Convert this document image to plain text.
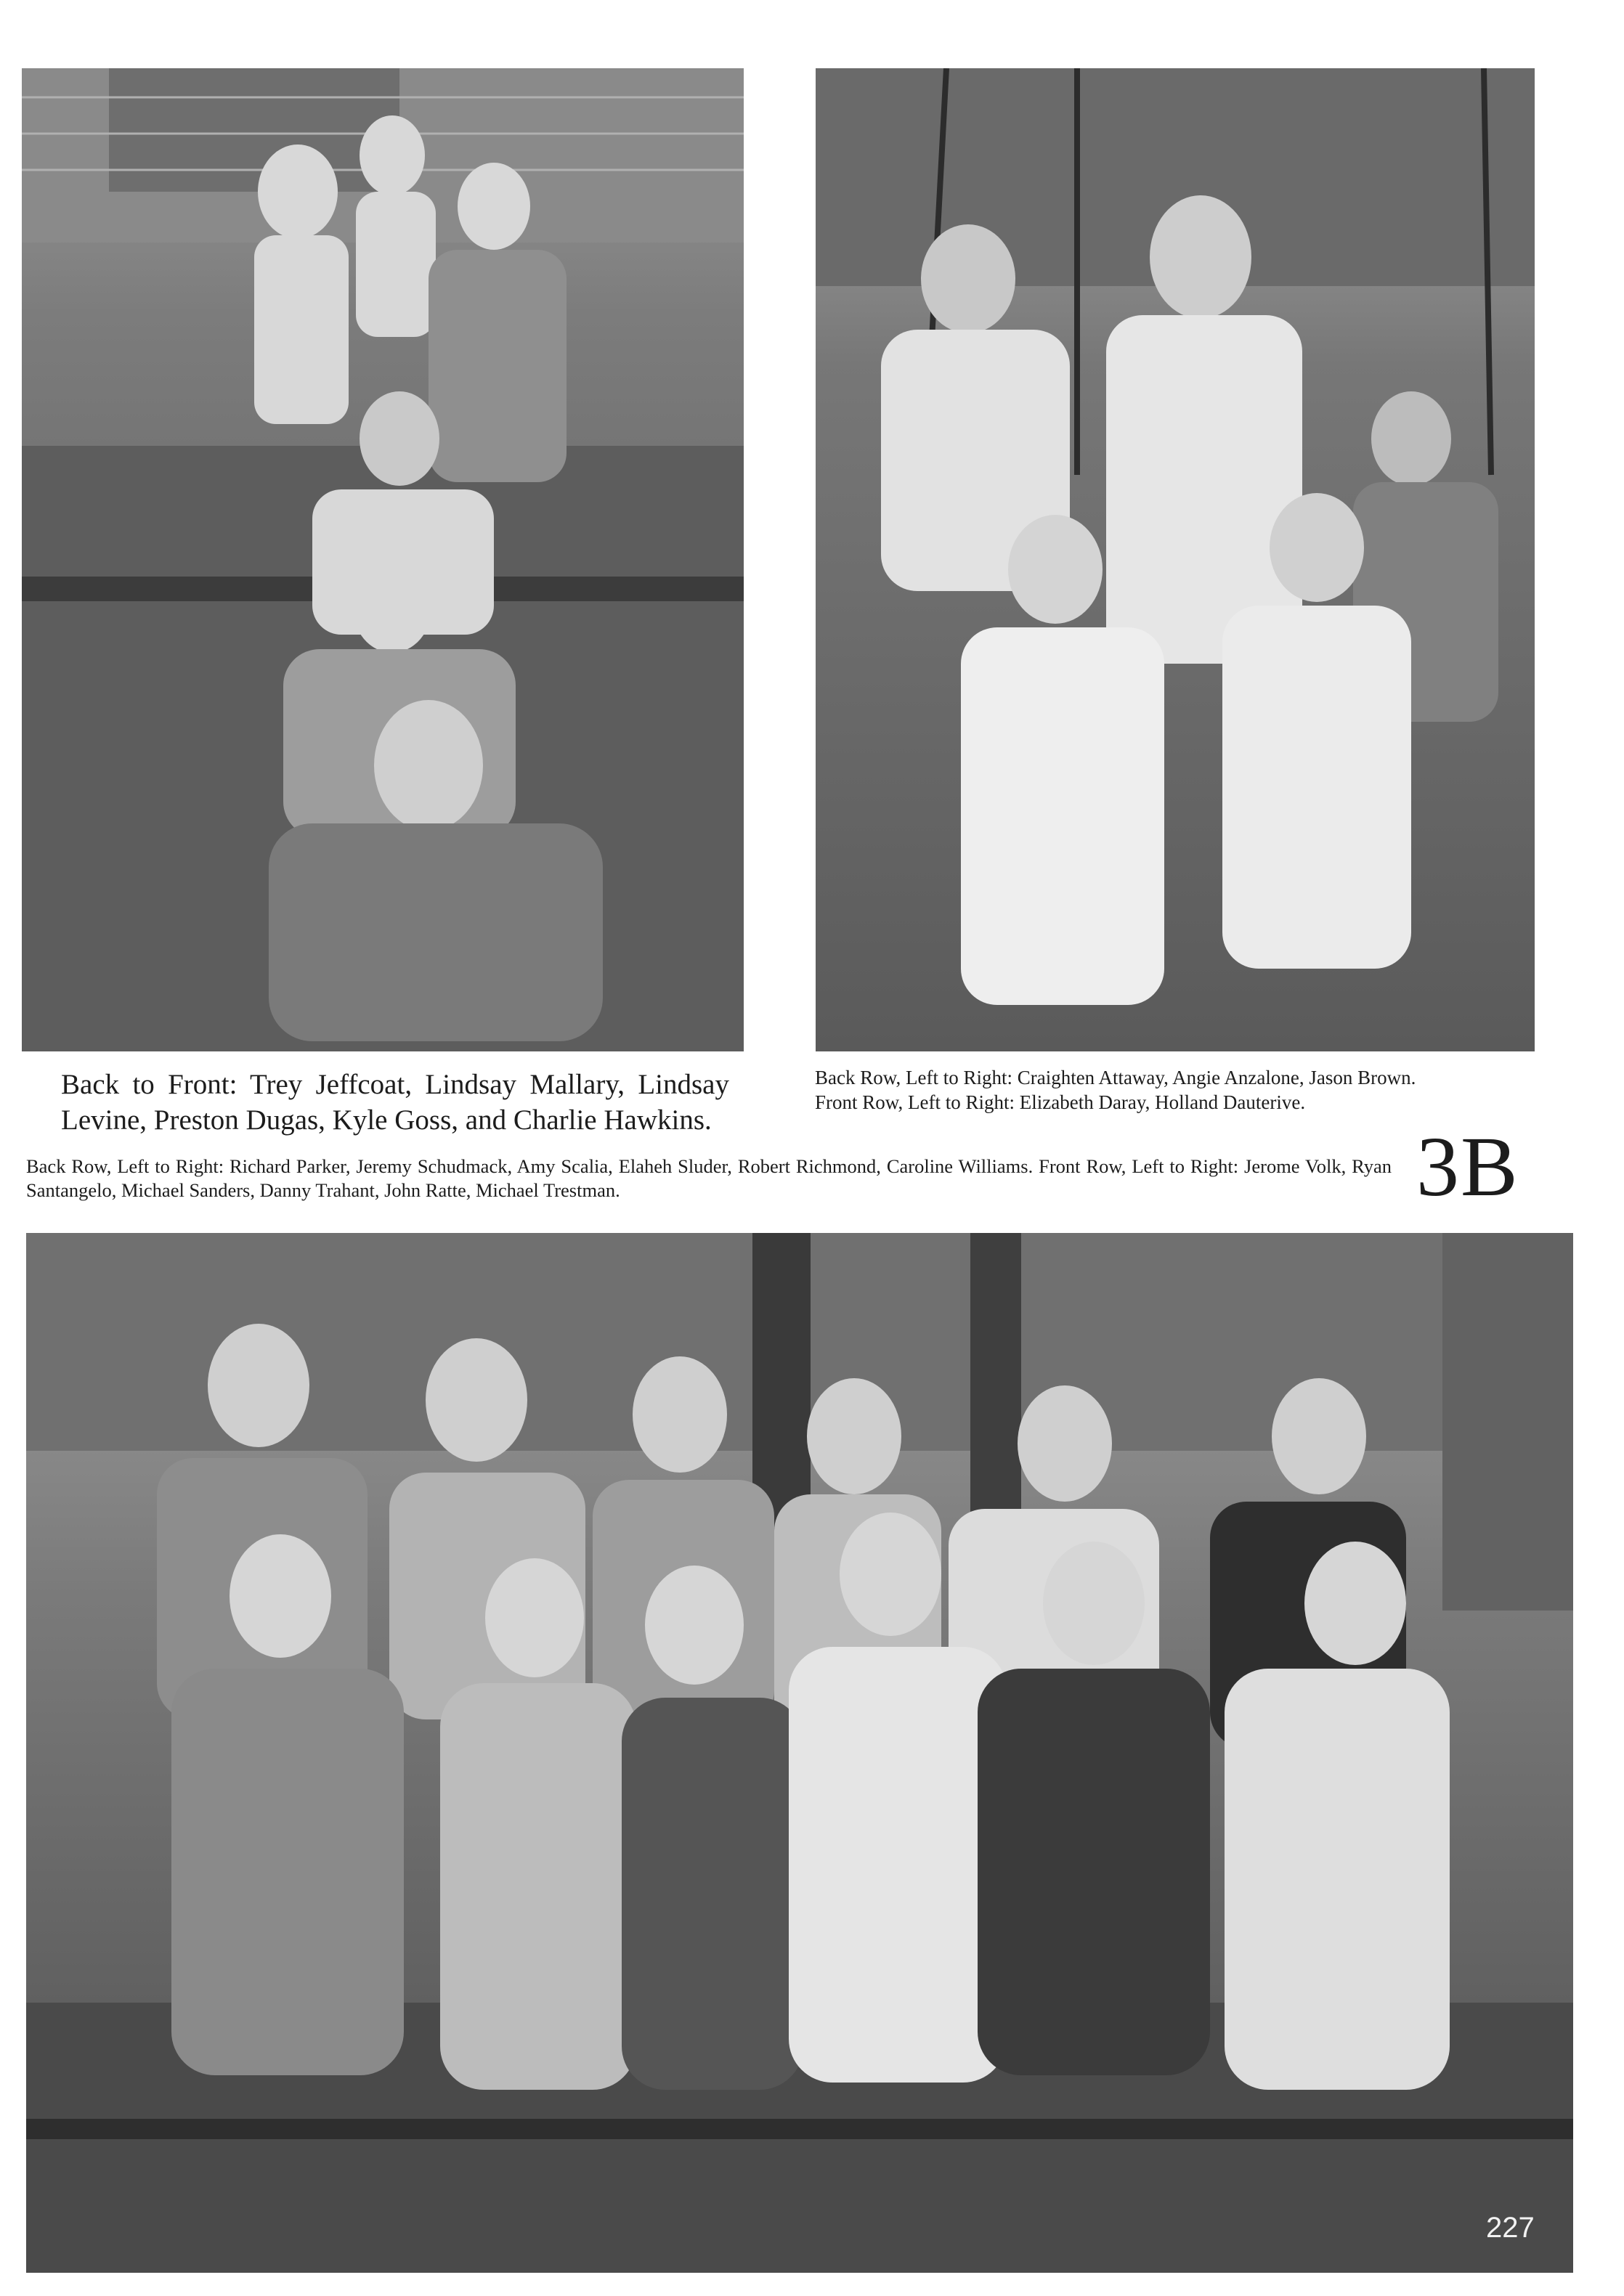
Back to Front: Trey Jeffcoat, Lindsay Mallary, Lindsay Levine, Preston Dugas, Kyle Goss, and Charlie Hawkins.

Back Row, Left to Right: Craighten Attaway, Angie Anzalone, Jason Brown.

Front Row, Left to Right: Elizabeth Daray, Holland Dauterive.

Back Row, Left to Right: Richard Parker, Jeremy Schudmack, Amy Scalia, Elaheh Sluder, Robert Richmond, Caroline Williams. Front Row, Left to Right: Jerome Volk, Ryan Santangelo, Michael Sanders, Danny Trahant, John Ratte, Michael Trestman.	3B
227
